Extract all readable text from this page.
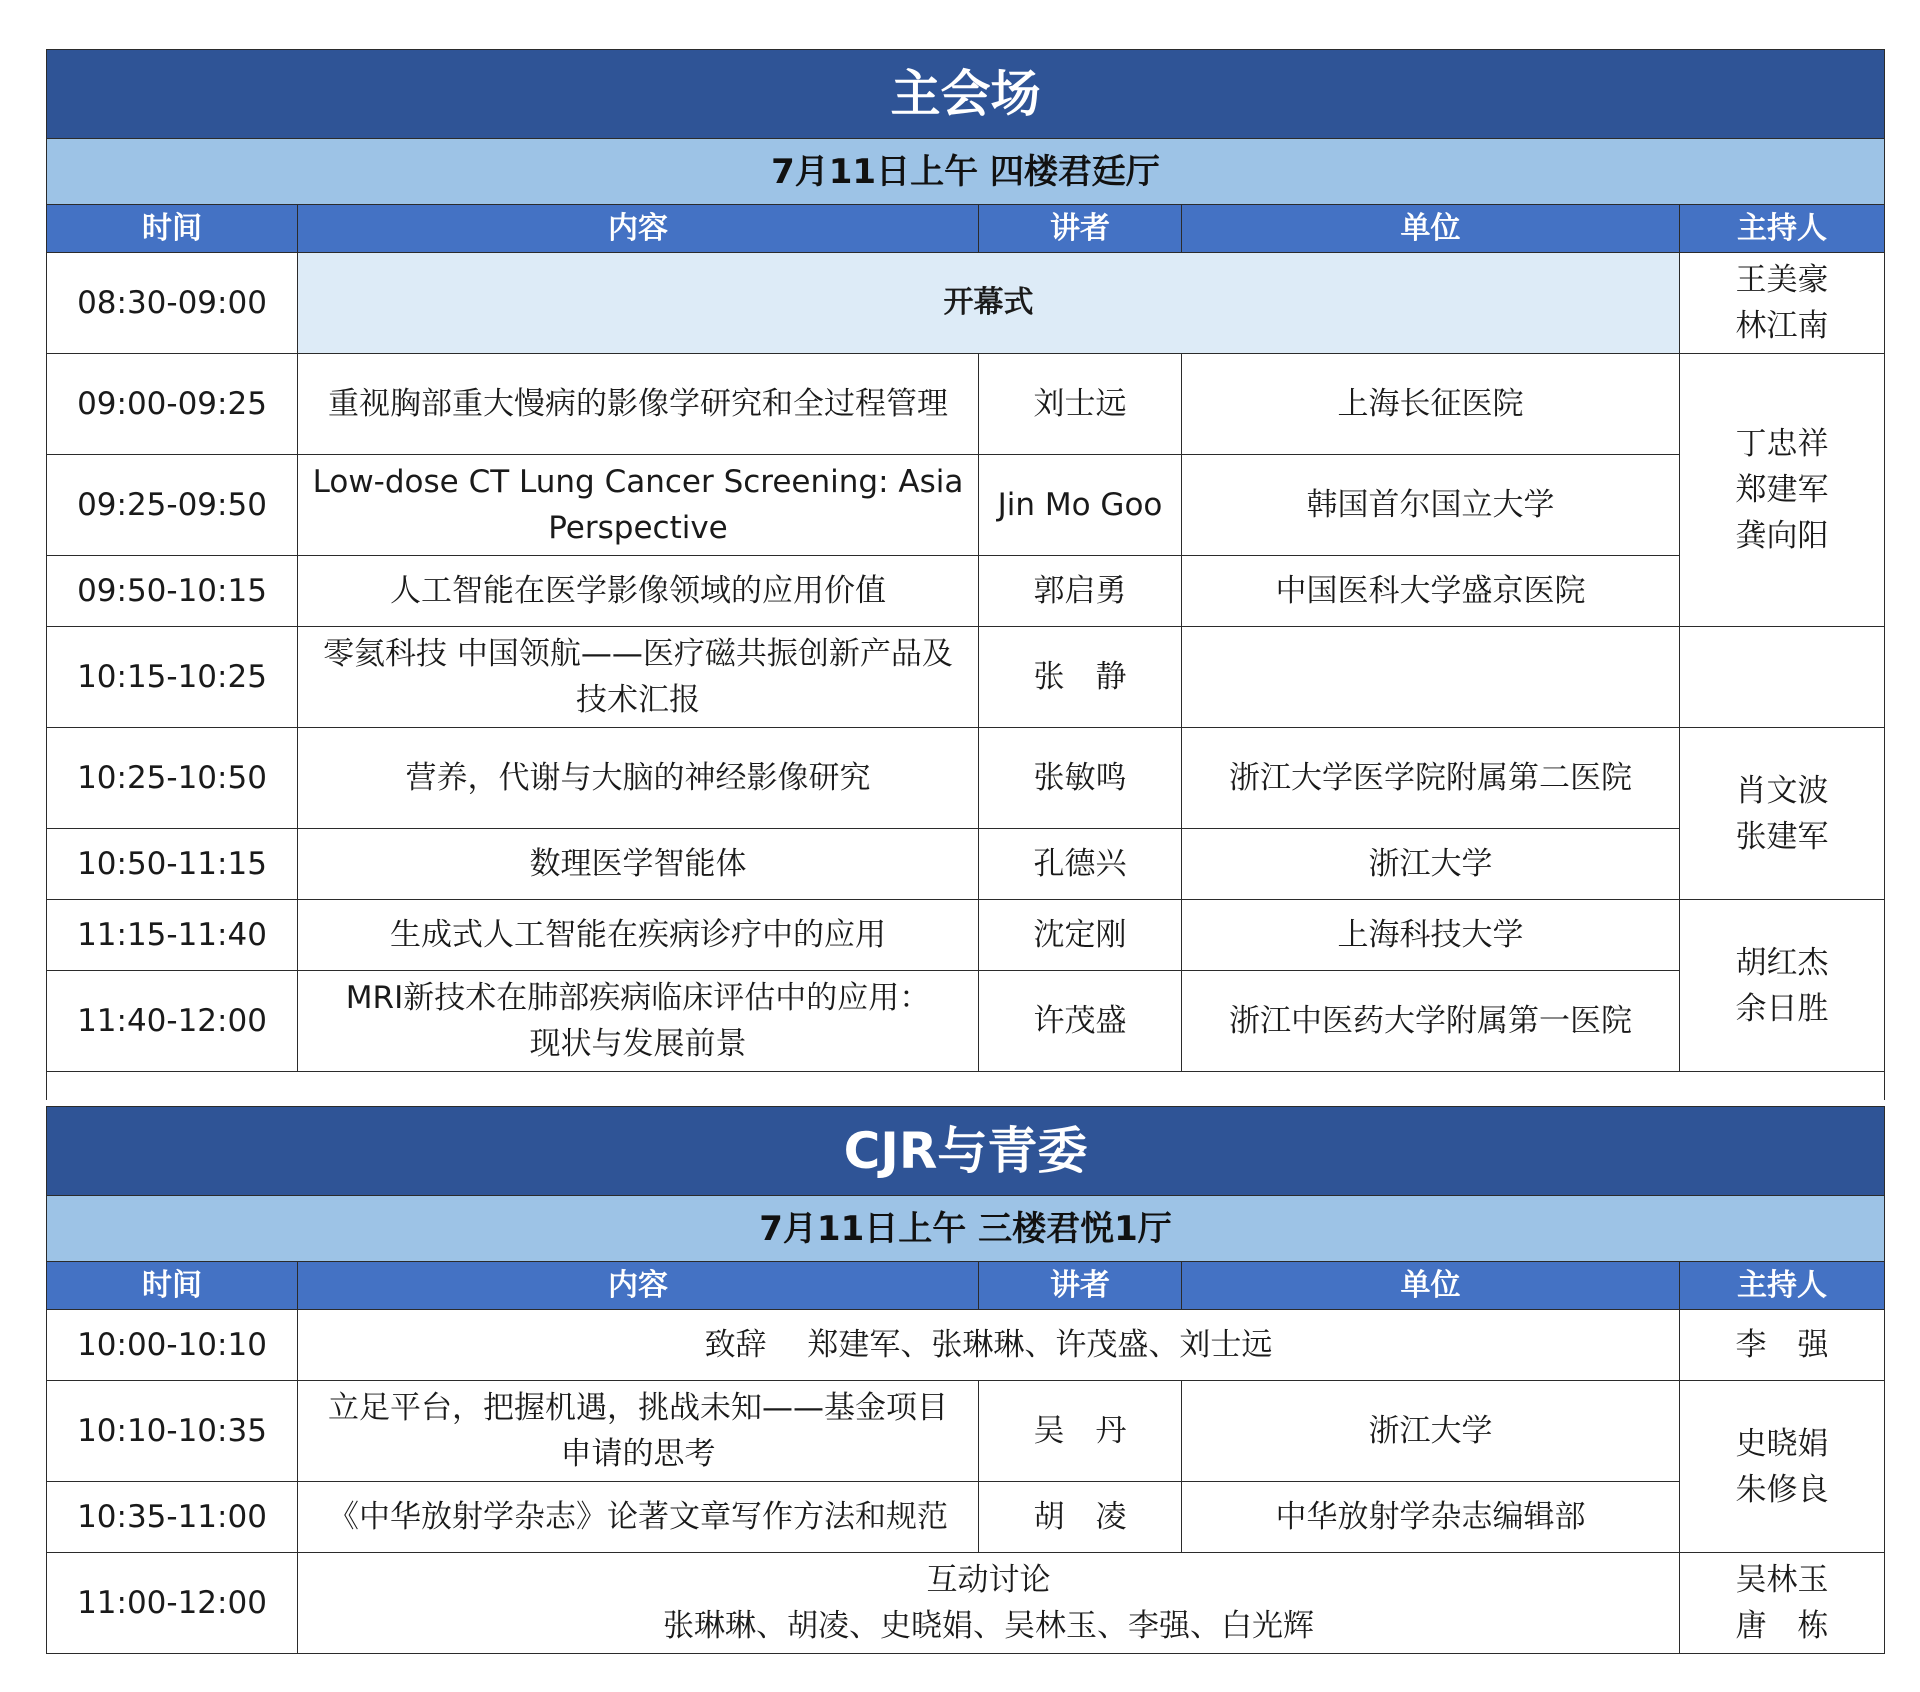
主会场				
7月11日上午 四楼君廷厅				
时间	内容	讲者	单位	主持人
08:30-09:00	开幕式			王美豪
林江南
09:00-09:25	重视胸部重大慢病的影像学研究和全过程管理	刘士远	上海长征医院	丁忠祥
郑建军
龚向阳
09:25-09:50	Low-dose CT Lung Cancer Screening: Asia
Perspective	Jin Mo Goo	韩国首尔国立大学	
09:50-10:15	人工智能在医学影像领域的应用价值	郭启勇	中国医科大学盛京医院	
10:15-10:25	零氦科技 中国领航——医疗磁共振创新产品及
技术汇报	张　静		
10:25-10:50	营养，代谢与大脑的神经影像研究	张敏鸣	浙江大学医学院附属第二医院	肖文波
张建军
10:50-11:15	数理医学智能体	孔德兴	浙江大学	
11:15-11:40	生成式人工智能在疾病诊疗中的应用	沈定刚	上海科技大学	胡红杰
余日胜
11:40-12:00	MRI新技术在肺部疾病临床评估中的应用：
现状与发展前景	许茂盛	浙江中医药大学附属第一医院	

CJR与青委				
7月11日上午 三楼君悦1厅				
时间	内容	讲者	单位	主持人
10:00-10:10	致辞　 郑建军、张琳琳、许茂盛、刘士远			李　强
10:10-10:35	立足平台，把握机遇，挑战未知——基金项目
申请的思考	吴　丹	浙江大学	史晓娟
朱修良
10:35-11:00	《中华放射学杂志》论著文章写作方法和规范	胡　凌	中华放射学杂志编辑部	
11:00-12:00	互动讨论
张琳琳、胡凌、史晓娟、吴林玉、李强、白光辉			吴林玉
唐　栋
